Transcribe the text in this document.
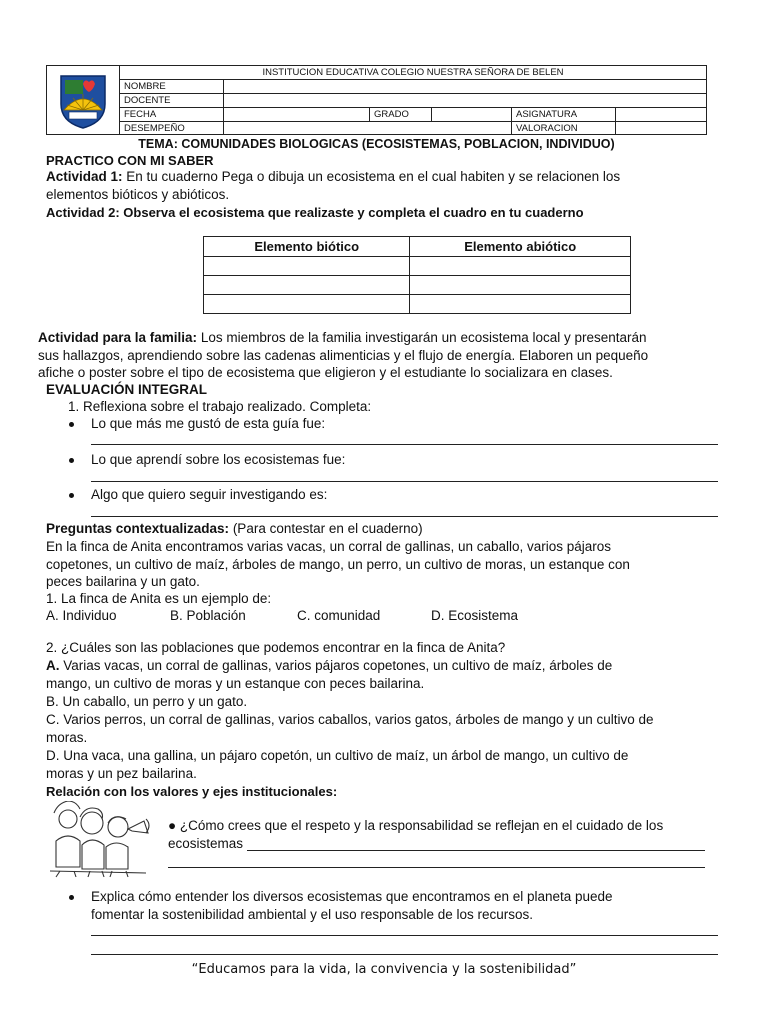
INSTITUCION EDUCATIVA COLEGIO NUESTRA SEÑORA DE BELEN
NOMBRE
DOCENTE
FECHA	GRADO	ASIGNATURA
DESEMPEÑO	VALORACION
TEMA: COMUNIDADES BIOLOGICAS (ECOSISTEMAS, POBLACION, INDIVIDUO)
PRACTICO CON MI SABER
Actividad 1: En tu cuaderno Pega o dibuja un ecosistema en el cual habiten y se relacionen los
elementos bióticos y abióticos.
Actividad 2: Observa el ecosistema que realizaste y completa el cuadro en tu cuaderno
Elemento biótico	Elemento abiótico

Actividad para la familia: Los miembros de la familia investigarán un ecosistema local y presentarán
sus hallazgos, aprendiendo sobre las cadenas alimenticias y el flujo de energía. Elaboren un pequeño
afiche o poster sobre el tipo de ecosistema que eligieron y el estudiante lo socializara en clases.
EVALUACIÓN INTEGRAL
1. Reflexiona sobre el trabajo realizado. Completa:
Lo que más me gustó de esta guía fue:
Lo que aprendí sobre los ecosistemas fue:
Algo que quiero seguir investigando es:
Preguntas contextualizadas: (Para contestar en el cuaderno)
En la finca de Anita encontramos varias vacas, un corral de gallinas, un caballo, varios pájaros
copetones, un cultivo de maíz, árboles de mango, un perro, un cultivo de moras, un estanque con
peces bailarina y un gato.
1. La finca de Anita es un ejemplo de:
A. Individuo	B. Población	C. comunidad	D. Ecosistema
2. ¿Cuáles son las poblaciones que podemos encontrar en la finca de Anita?
A. Varias vacas, un corral de gallinas, varios pájaros copetones, un cultivo de maíz, árboles de
mango, un cultivo de moras y un estanque con peces bailarina.
B. Un caballo, un perro y un gato.
C. Varios perros, un corral de gallinas, varios caballos, varios gatos, árboles de mango y un cultivo de
moras.
D. Una vaca, una gallina, un pájaro copetón, un cultivo de maíz, un árbol de mango, un cultivo de
moras y un pez bailarina.
Relación con los valores y ejes institucionales:
● ¿Cómo crees que el respeto y la responsabilidad se reflejan en el cuidado de los
ecosistemas
Explica cómo entender los diversos ecosistemas que encontramos en el planeta puede
fomentar la sostenibilidad ambiental y el uso responsable de los recursos.
“Educamos para la vida, la convivencia y la sostenibilidad”
